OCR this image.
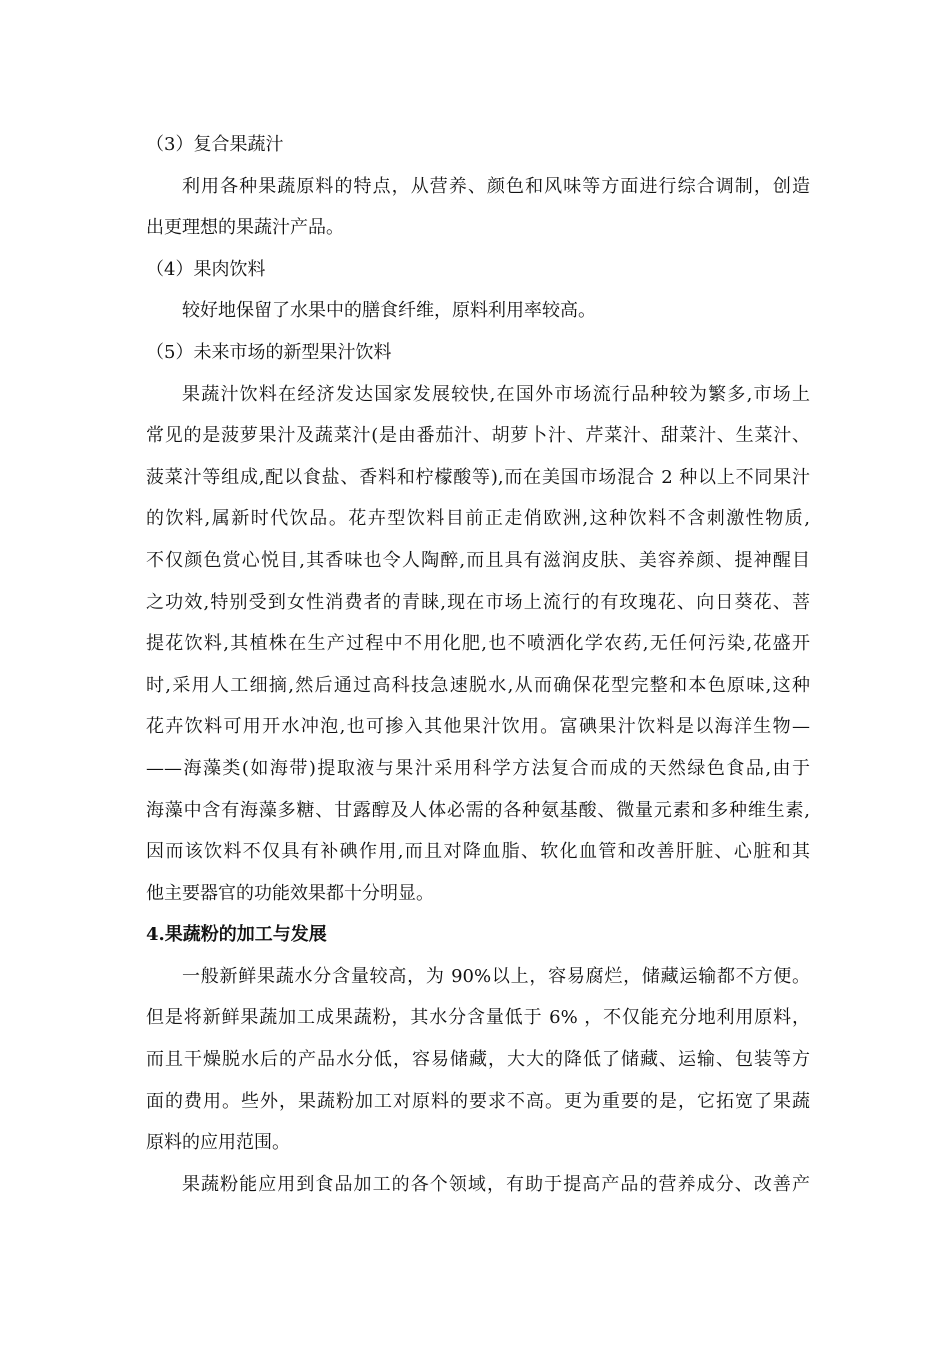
（3）复合果蔬汁
利用各种果蔬原料的特点，从营养、颜色和风味等方面进行综合调制，创造
出更理想的果蔬汁产品。
（4）果肉饮料
较好地保留了水果中的膳食纤维，原料利用率较高。
（5）未来市场的新型果汁饮料
果蔬汁饮料在经济发达国家发展较快,在国外市场流行品种较为繁多,市场上
常见的是菠萝果汁及蔬菜汁(是由番茄汁、胡萝卜汁、芹菜汁、甜菜汁、生菜汁、
菠菜汁等组成,配以食盐、香料和柠檬酸等),而在美国市场混合 2 种以上不同果汁
的饮料,属新时代饮品。花卉型饮料目前正走俏欧洲,这种饮料不含刺激性物质,
不仅颜色赏心悦目,其香味也令人陶醉,而且具有滋润皮肤、美容养颜、提神醒目
之功效,特别受到女性消费者的青睐,现在市场上流行的有玫瑰花、向日葵花、菩
提花饮料,其植株在生产过程中不用化肥,也不喷洒化学农药,无任何污染,花盛开
时,采用人工细摘,然后通过高科技急速脱水,从而确保花型完整和本色原味,这种
花卉饮料可用开水冲泡,也可掺入其他果汁饮用。富碘果汁饮料是以海洋生物—
——海藻类(如海带)提取液与果汁采用科学方法复合而成的天然绿色食品,由于
海藻中含有海藻多糖、甘露醇及人体必需的各种氨基酸、微量元素和多种维生素,
因而该饮料不仅具有补碘作用,而且对降血脂、软化血管和改善肝脏、心脏和其
他主要器官的功能效果都十分明显。
4.果蔬粉的加工与发展
一般新鲜果蔬水分含量较高，为 90%以上，容易腐烂，储藏运输都不方便。
但是将新鲜果蔬加工成果蔬粉，其水分含量低于 6% ，不仅能充分地利用原料，
而且干燥脱水后的产品水分低，容易储藏，大大的降低了储藏、运输、包装等方
面的费用。些外，果蔬粉加工对原料的要求不高。更为重要的是，它拓宽了果蔬
原料的应用范围。
果蔬粉能应用到食品加工的各个领域，有助于提高产品的营养成分、改善产
